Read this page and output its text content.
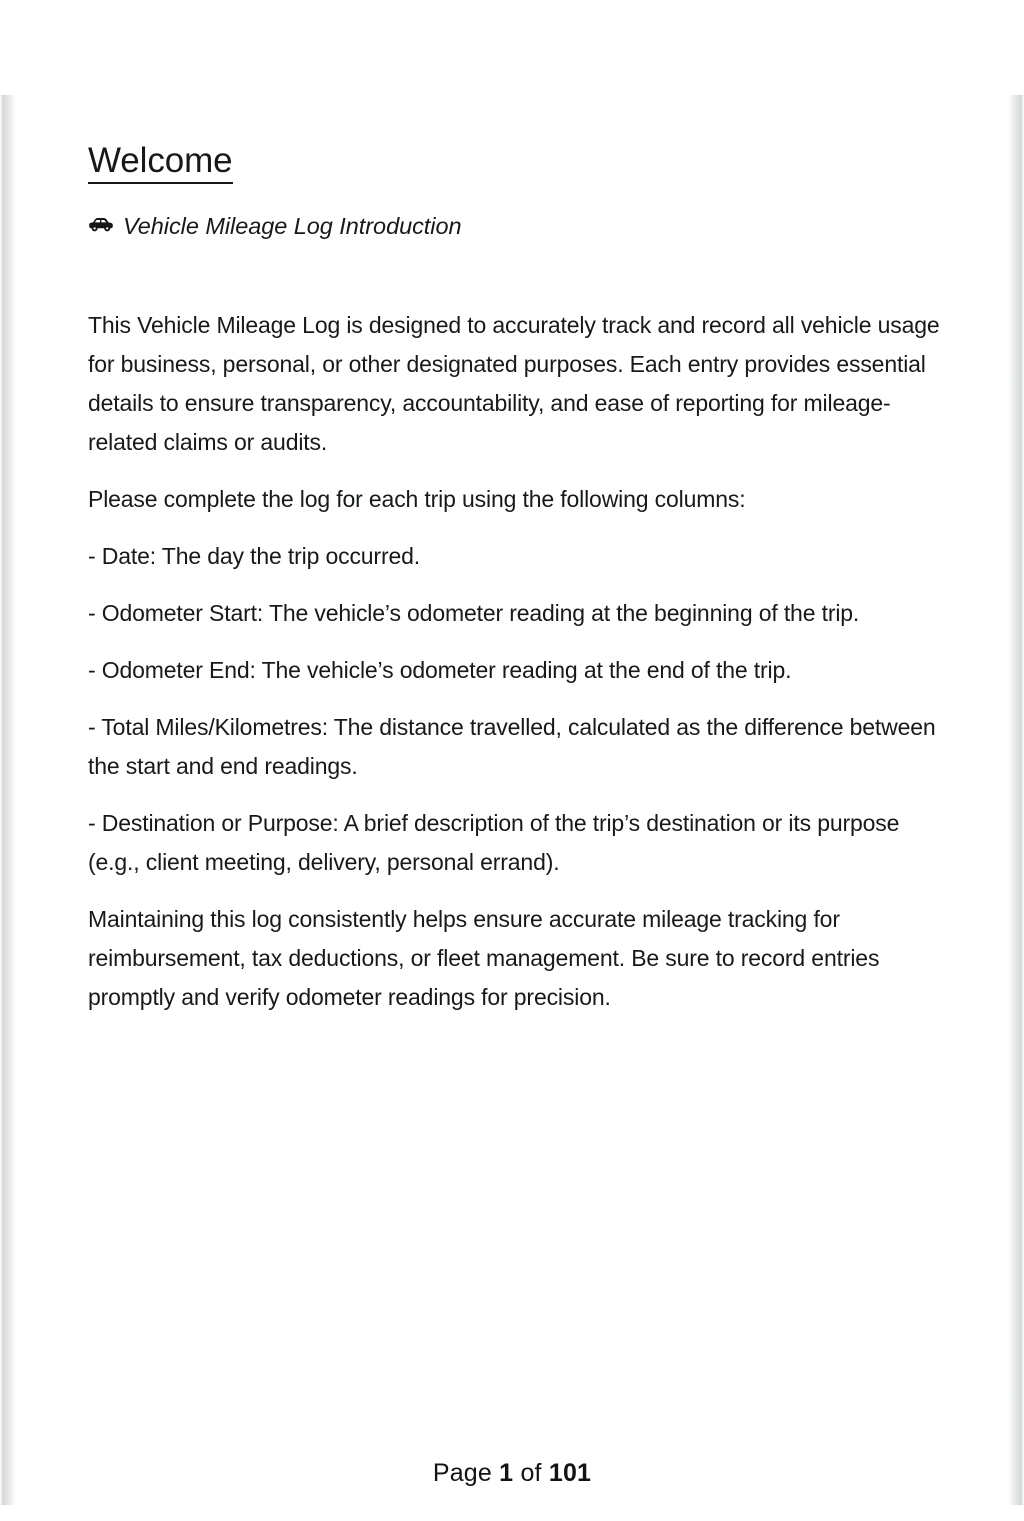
Welcome
Vehicle Mileage Log Introduction

This Vehicle Mileage Log is designed to accurately track and record all vehicle usage for business, personal, or other designated purposes. Each entry provides essential details to ensure transparency, accountability, and ease of reporting for mileage-related claims or audits.

Please complete the log for each trip using the following columns:

- Date: The day the trip occurred.

- Odometer Start: The vehicle’s odometer reading at the beginning of the trip.

- Odometer End: The vehicle’s odometer reading at the end of the trip.

- Total Miles/Kilometres: The distance travelled, calculated as the difference between the start and end readings.

- Destination or Purpose: A brief description of the trip’s destination or its purpose (e.g., client meeting, delivery, personal errand).

Maintaining this log consistently helps ensure accurate mileage tracking for reimbursement, tax deductions, or fleet management. Be sure to record entries promptly and verify odometer readings for precision.

Page 1 of 101
